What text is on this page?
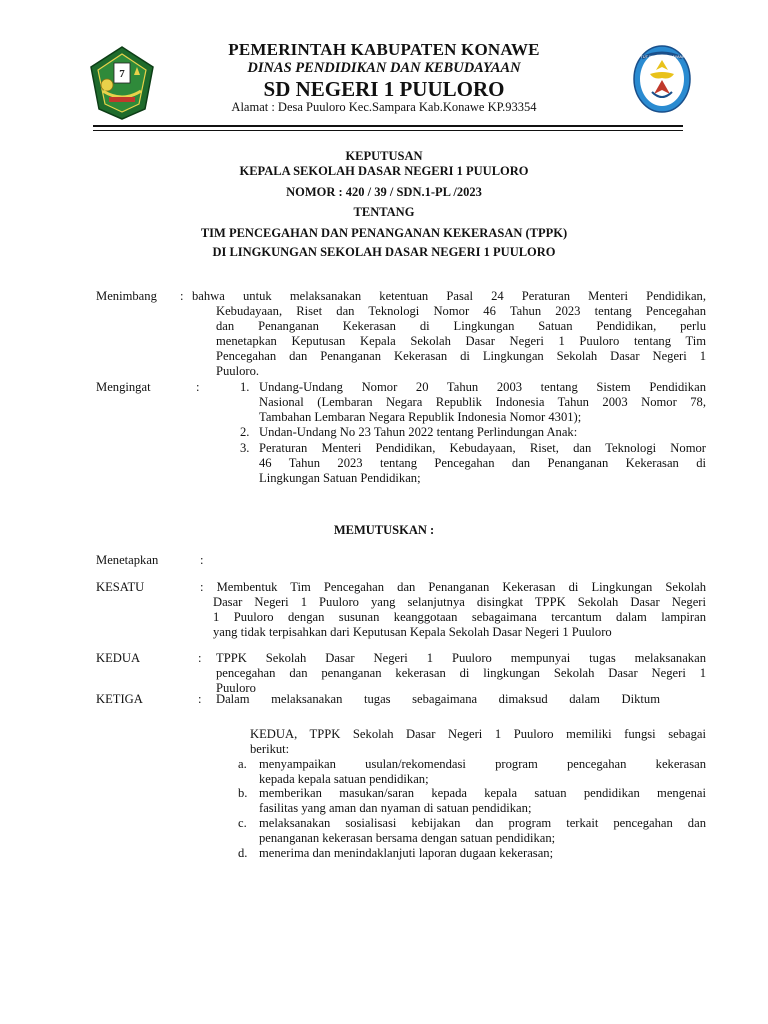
7
TUT WURI HANDAYANI
PEMERINTAH KABUPATEN KONAWE
DINAS PENDIDIKAN DAN KEBUDAYAAN
SD NEGERI 1 PUULORO
Alamat : Desa Puuloro Kec.Sampara Kab.Konawe KP.93354
KEPUTUSAN
KEPALA SEKOLAH DASAR NEGERI 1 PUULORO
NOMOR : 420 / 39 / SDN.1-PL /2023
TENTANG
TIM PENCEGAHAN DAN PENANGANAN KEKERASAN (TPPK)
DI LINGKUNGAN SEKOLAH DASAR NEGERI 1 PUULORO
Menimbang : bahwa untuk melaksanakan ketentuan Pasal 24 Peraturan Menteri Pendidikan,
Kebudayaan, Riset dan Teknologi Nomor 46 Tahun 2023 tentang Pencegahan
dan Penanganan Kekerasan di Lingkungan Satuan Pendidikan, perlu
menetapkan Keputusan Kepala Sekolah Dasar Negeri 1 Puuloro tentang Tim
Pencegahan dan Penanganan Kekerasan di Lingkungan Sekolah Dasar Negeri 1
Puuloro.
Mengingat	:	1. Undang-Undang Nomor 20 Tahun 2003 tentang Sistem Pendidikan
Nasional (Lembaran Negara Republik Indonesia Tahun 2003 Nomor 78,
Tambahan Lembaran Negara Republik Indonesia Nomor 4301);
2. Undan-Undang No 23 Tahun 2022 tentang Perlindungan Anak:
3. Peraturan Menteri Pendidikan, Kebudayaan, Riset, dan Teknologi Nomor
46 Tahun 2023 tentang Pencegahan dan Penanganan Kekerasan di
Lingkungan Satuan Pendidikan;
MEMUTUSKAN :
Menetapkan	:
KESATU	: Membentuk Tim Pencegahan dan Penanganan Kekerasan di Lingkungan Sekolah
Dasar Negeri 1 Puuloro yang selanjutnya disingkat TPPK Sekolah Dasar Negeri
1 Puuloro dengan susunan keanggotaan sebagaimana tercantum dalam lampiran
yang tidak terpisahkan dari Keputusan Kepala Sekolah Dasar Negeri 1 Puuloro
KEDUA	: TPPK Sekolah Dasar Negeri 1 Puuloro mempunyai tugas melaksanakan
pencegahan dan penanganan kekerasan di lingkungan Sekolah Dasar Negeri 1
Puuloro
KETIGA	: Dalam melaksanakan tugas sebagaimana dimaksud dalam Diktum
KEDUA, TPPK Sekolah Dasar Negeri 1 Puuloro memiliki fungsi sebagai
berikut:
a. menyampaikan usulan/rekomendasi program pencegahan kekerasan
kepada kepala satuan pendidikan;
b. memberikan masukan/saran kepada kepala satuan pendidikan mengenai
fasilitas yang aman dan nyaman di satuan pendidikan;
c. melaksanakan sosialisasi kebijakan dan program terkait pencegahan dan
penanganan kekerasan bersama dengan satuan pendidikan;
d. menerima dan menindaklanjuti laporan dugaan kekerasan;
